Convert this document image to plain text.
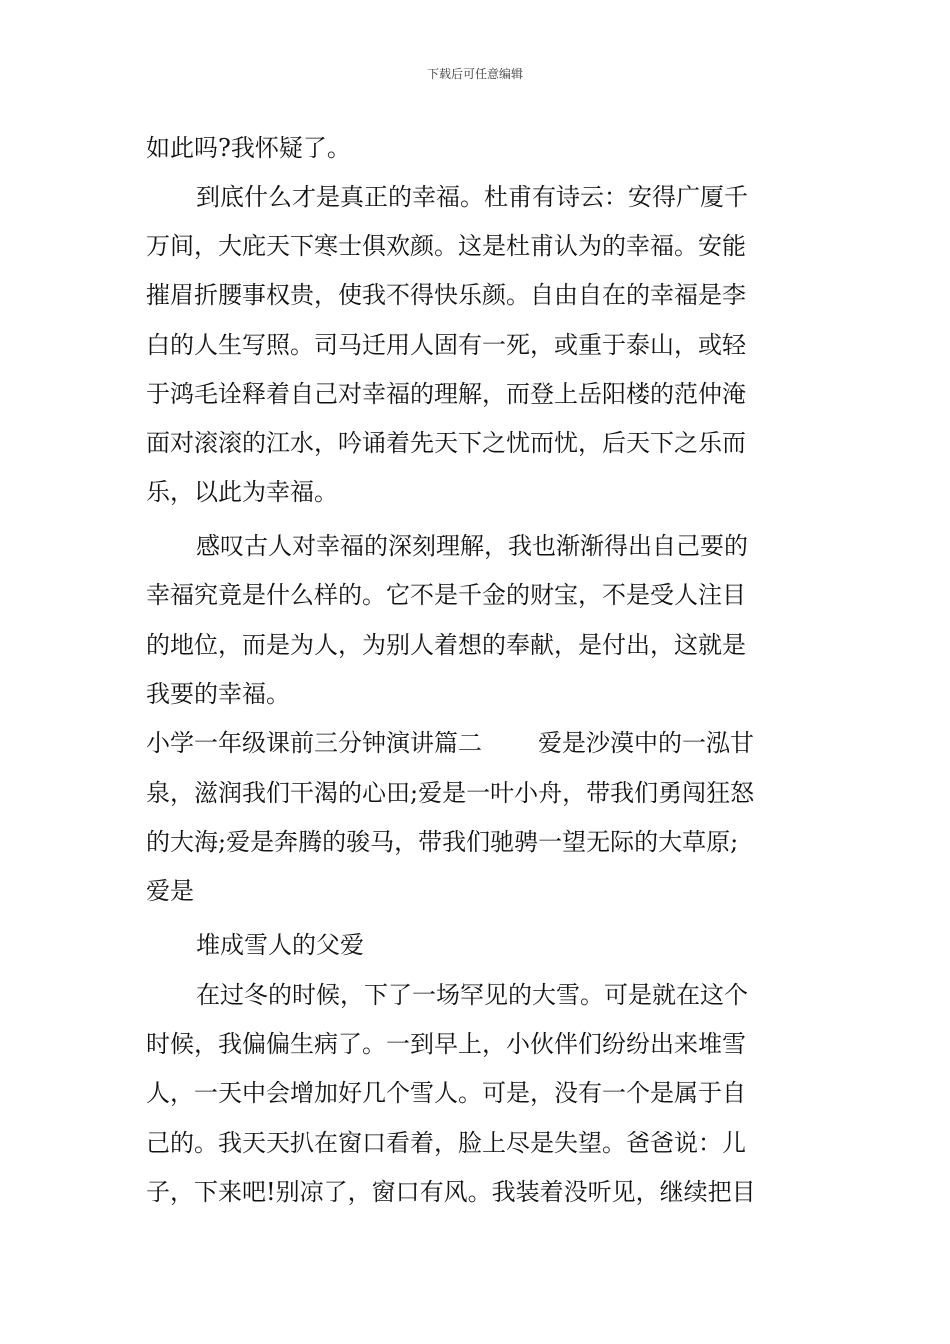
下载后可任意编辑
如此吗?我怀疑了。
到底什么才是真正的幸福。杜甫有诗云：安得广厦千
万间，大庇天下寒士俱欢颜。这是杜甫认为的幸福。安能
摧眉折腰事权贵，使我不得快乐颜。自由自在的幸福是李
白的人生写照。司马迁用人固有一死，或重于泰山，或轻
于鸿毛诠释着自己对幸福的理解，而登上岳阳楼的范仲淹
面对滚滚的江水，吟诵着先天下之忧而忧，后天下之乐而
乐，以此为幸福。
感叹古人对幸福的深刻理解，我也渐渐得出自己要的
幸福究竟是什么样的。它不是千金的财宝，不是受人注目
的地位，而是为人，为别人着想的奉献，是付出，这就是
我要的幸福。
小学一年级课前三分钟演讲篇二 爱是沙漠中的一泓甘
泉，滋润我们干渴的心田;爱是一叶小舟，带我们勇闯狂怒
的大海;爱是奔腾的骏马，带我们驰骋一望无际的大草原;
爱是
堆成雪人的父爱
在过冬的时候，下了一场罕见的大雪。可是就在这个
时候，我偏偏生病了。一到早上，小伙伴们纷纷出来堆雪
人，一天中会增加好几个雪人。可是，没有一个是属于自
己的。我天天扒在窗口看着，脸上尽是失望。爸爸说：儿
子，下来吧!别凉了，窗口有风。我装着没听见，继续把目
